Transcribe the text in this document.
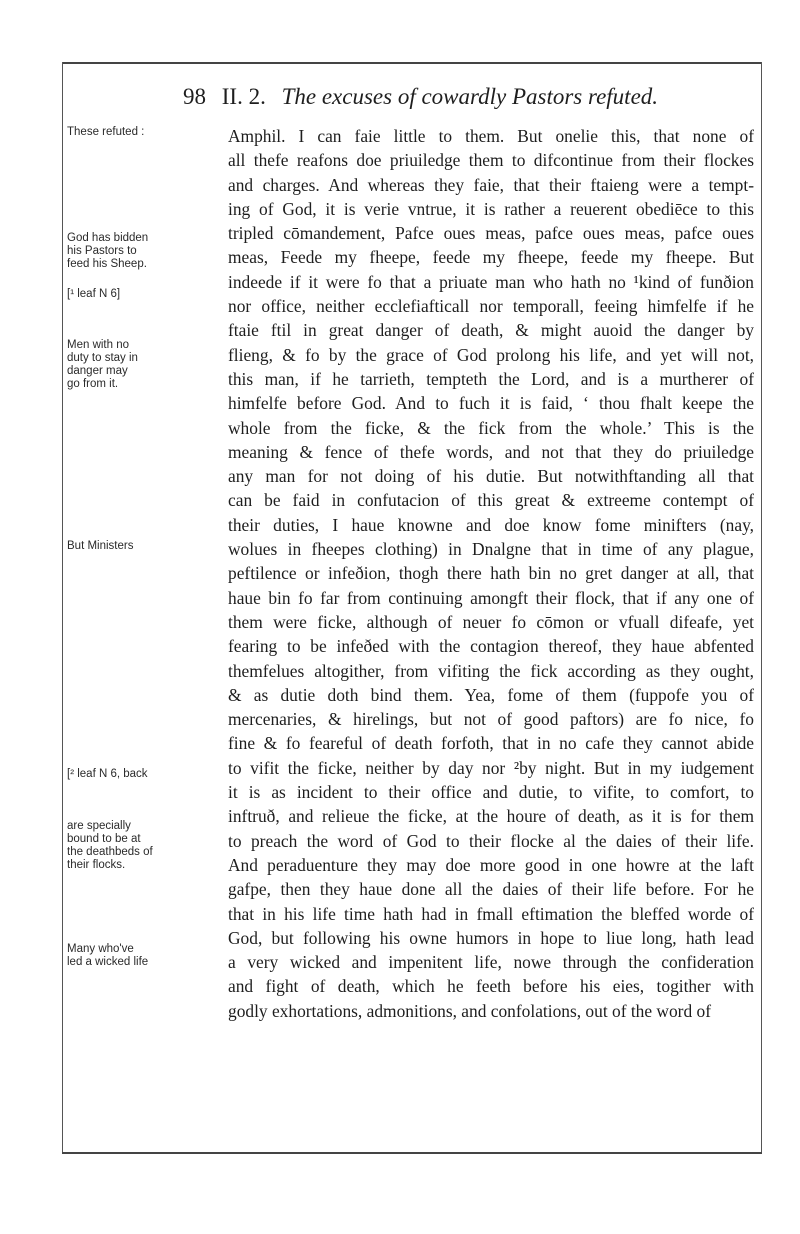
98 II. 2. The excuses of cowardly Pastors refuted.
These refuted :
God has bidden
his Pastors to
feed his Sheep.
[¹ leaf N 6]
Men with no
duty to stay in
danger may
go from it.
But Ministers
[² leaf N 6, back
are specially
bound to be at
the deathbeds of
their flocks.
Many who've
led a wicked life
Amphil. I can faie little to them. But onelie this, that none of
all thefe reafons doe priuiledge them to difcontinue from their flockes
and charges. And whereas they faie, that their ftaieng were a tempt-
ing of God, it is verie vntrue, it is rather a reuerent obediēce to this
tripled cōmandement, Pafce oues meas, pafce oues meas, pafce oues
meas, Feede my fheepe, feede my fheepe, feede my fheepe. But
indeede if it were fo that a priuate man who hath no ¹kind of funðion
nor office, neither ecclefiafticall nor temporall, feeing himfelfe if he
ftaie ftil in great danger of death, & might auoid the danger by
flieng, & fo by the grace of God prolong his life, and yet will not,
this man, if he tarrieth, tempteth the Lord, and is a murtherer of
himfelfe before God. And to fuch it is faid, ‘ thou fhalt keepe the
whole from the ficke, & the fick from the whole.’ This is the
meaning & fence of thefe words, and not that they do priuiledge
any man for not doing of his dutie. But notwithftanding all that
can be faid in confutacion of this great & extreeme contempt of
their duties, I haue knowne and doe know fome minifters (nay,
wolues in fheepes clothing) in Dnalgne that in time of any plague,
peftilence or infeðion, thogh there hath bin no gret danger at all, that
haue bin fo far from continuing amongft their flock, that if any one of
them were ficke, although of neuer fo cōmon or vfuall difeafe, yet
fearing to be infeðed with the contagion thereof, they haue abfented
themfelues altogither, from vifiting the fick according as they ought,
& as dutie doth bind them. Yea, fome of them (fuppofe you of
mercenaries, & hirelings, but not of good paftors) are fo nice, fo
fine & fo feareful of death forfoth, that in no cafe they cannot abide
to vifit the ficke, neither by day nor ²by night. But in my iudgement
it is as incident to their office and dutie, to vifite, to comfort, to
inftruð, and relieue the ficke, at the houre of death, as it is for them
to preach the word of God to their flocke al the daies of their life.
And peraduenture they may doe more good in one howre at the laft
gafpe, then they haue done all the daies of their life before. For he
that in his life time hath had in fmall eftimation the bleffed worde of
God, but following his owne humors in hope to liue long, hath lead
a very wicked and impenitent life, nowe through the confideration
and fight of death, which he feeth before his eies, togither with
godly exhortations, admonitions, and confolations, out of the word of
